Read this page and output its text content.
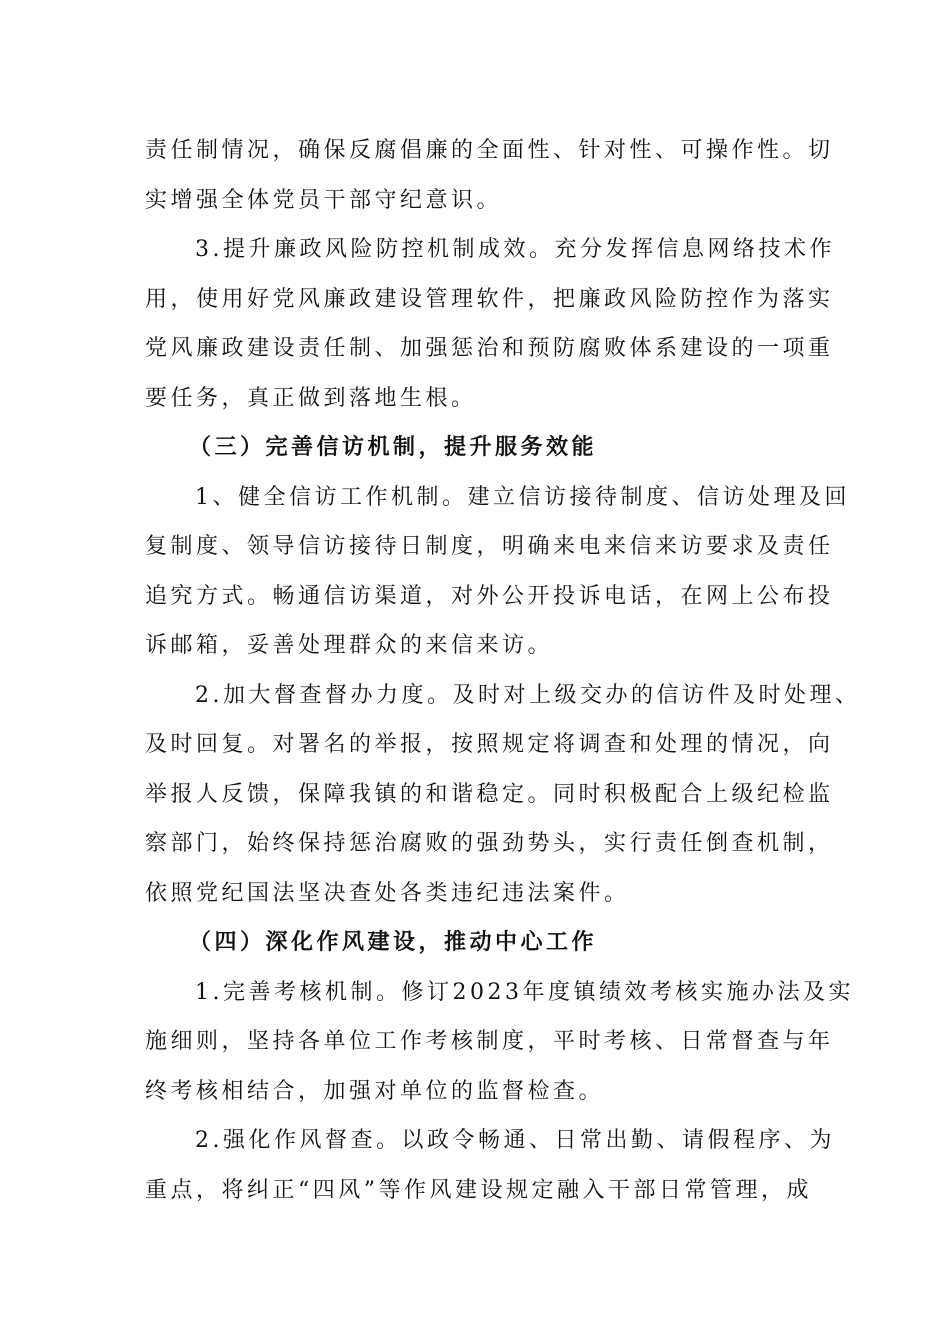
责任制情况，确保反腐倡廉的全面性、针对性、可操作性。切
实增强全体党员干部守纪意识。
3.提升廉政风险防控机制成效。充分发挥信息网络技术作
用，使用好党风廉政建设管理软件，把廉政风险防控作为落实
党风廉政建设责任制、加强惩治和预防腐败体系建设的一项重
要任务，真正做到落地生根。
（三）完善信访机制，提升服务效能
1、健全信访工作机制。建立信访接待制度、信访处理及回
复制度、领导信访接待日制度，明确来电来信来访要求及责任
追究方式。畅通信访渠道，对外公开投诉电话，在网上公布投
诉邮箱，妥善处理群众的来信来访。
2.加大督查督办力度。及时对上级交办的信访件及时处理、
及时回复。对署名的举报，按照规定将调查和处理的情况，向
举报人反馈，保障我镇的和谐稳定。同时积极配合上级纪检监
察部门，始终保持惩治腐败的强劲势头，实行责任倒查机制，
依照党纪国法坚决查处各类违纪违法案件。
（四）深化作风建设，推动中心工作
1.完善考核机制。修订2023年度镇绩效考核实施办法及实
施细则，坚持各单位工作考核制度，平时考核、日常督查与年
终考核相结合，加强对单位的监督检查。
2.强化作风督查。以政令畅通、日常出勤、请假程序、为
重点，将纠正“四风”等作风建设规定融入干部日常管理，成
